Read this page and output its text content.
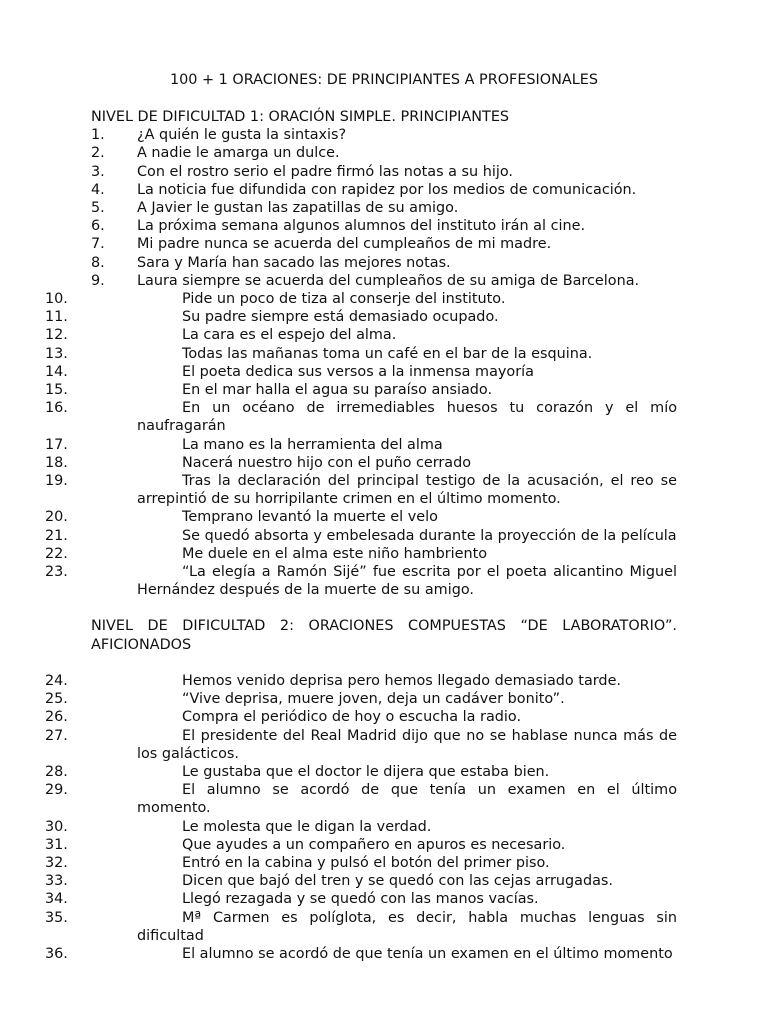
100 + 1 ORACIONES: DE PRINCIPIANTES A PROFESIONALES
NIVEL DE DIFICULTAD 1: ORACIÓN SIMPLE. PRINCIPIANTES
1.	¿A quién le gusta la sintaxis?
2.	A nadie le amarga un dulce.
3.	Con el rostro serio el padre firmó las notas a su hijo.
4.	La noticia fue difundida con rapidez por los medios de comunicación.
5.	A Javier le gustan las zapatillas de su amigo.
6.	La próxima semana algunos alumnos del instituto irán al cine.
7.	Mi padre nunca se acuerda del cumpleaños de mi madre.
8.	Sara y María han sacado las mejores notas.
9.	Laura siempre se acuerda del cumpleaños de su amiga de Barcelona.
10.	Pide un poco de tiza al conserje del instituto.
11.	Su padre siempre está demasiado ocupado.
12.	La cara es el espejo del alma.
13.	Todas las mañanas toma un café en el bar de la esquina.
14.	El poeta dedica sus versos a la inmensa mayoría
15.	En el mar halla el agua su paraíso ansiado.
16.	En un océano de irremediables huesos tu corazón y el mío naufragarán
17.	La mano es la herramienta del alma
18.	Nacerá nuestro hijo con el puño cerrado
19.	Tras la declaración del principal testigo de la acusación, el reo se arrepintió de su horripilante crimen en el último momento.
20.	Temprano levantó la muerte el velo
21.	Se quedó absorta y embelesada durante la proyección de la película
22.	Me duele en el alma este niño hambriento
23.	“La elegía a Ramón Sijé” fue escrita por el poeta alicantino Miguel Hernández después de la muerte de su amigo.
NIVEL DE DIFICULTAD 2: ORACIONES COMPUESTAS “DE LABORATORIO”. AFICIONADOS
24.	Hemos venido deprisa pero hemos llegado demasiado tarde.
25.	“Vive deprisa, muere joven, deja un cadáver bonito”.
26.	Compra el periódico de hoy o escucha la radio.
27.	El presidente del Real Madrid dijo que no se hablase nunca más de los galácticos.
28.	Le gustaba que el doctor le dijera que estaba bien.
29.	El alumno se acordó de que tenía un examen en el último momento.
30.	Le molesta que le digan la verdad.
31.	Que ayudes a un compañero en apuros es necesario.
32.	Entró en la cabina y pulsó el botón del primer piso.
33.	Dicen que bajó del tren y se quedó con las cejas arrugadas.
34.	Llegó rezagada y se quedó con las manos vacías.
35.	Mª Carmen es políglota, es decir, habla muchas lenguas sin dificultad
36.	El alumno se acordó de que tenía un examen en el último momento
